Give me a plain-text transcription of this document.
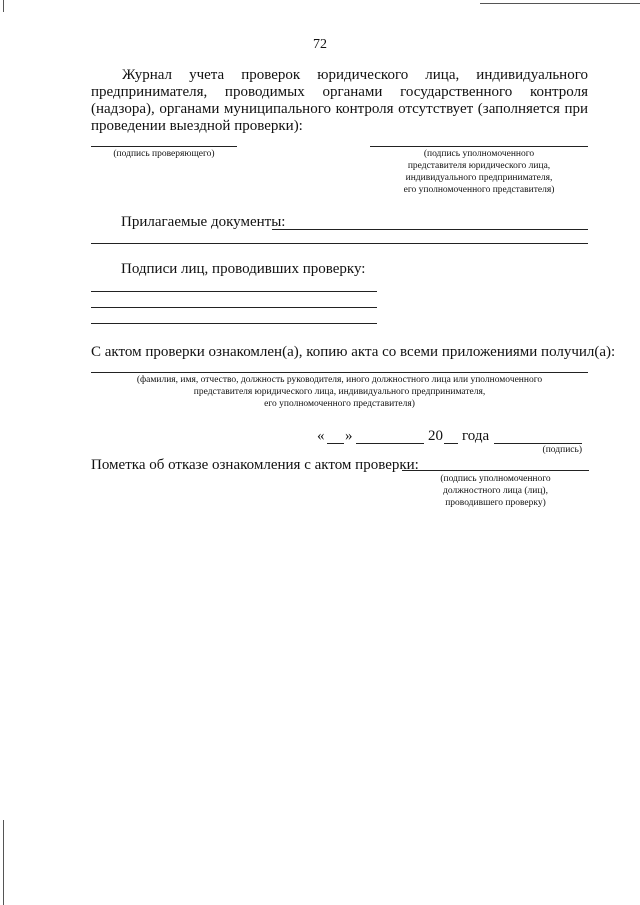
72
Журнал учета проверок юридического лица, индивидуального предпринимателя, проводимых органами государственного контроля (надзора), органами муниципального контроля отсутствует (заполняется при проведении выездной проверки):
(подпись проверяющего)	(подпись уполномоченного
представителя юридического лица,
индивидуального предпринимателя,
его уполномоченного представителя)
Прилагаемые документы:
Подписи лиц, проводивших проверку:
С актом проверки ознакомлен(а), копию акта со всеми приложениями получил(а):
(фамилия, имя, отчество, должность руководителя, иного должностного лица или уполномоченного
представителя юридического лица, индивидуального предпринимателя,
его уполномоченного представителя)
« »	20 года
(подпись)
Пометка об отказе ознакомления с актом проверки:
(подпись уполномоченного
должностного лица (лиц),
проводившего проверку)
